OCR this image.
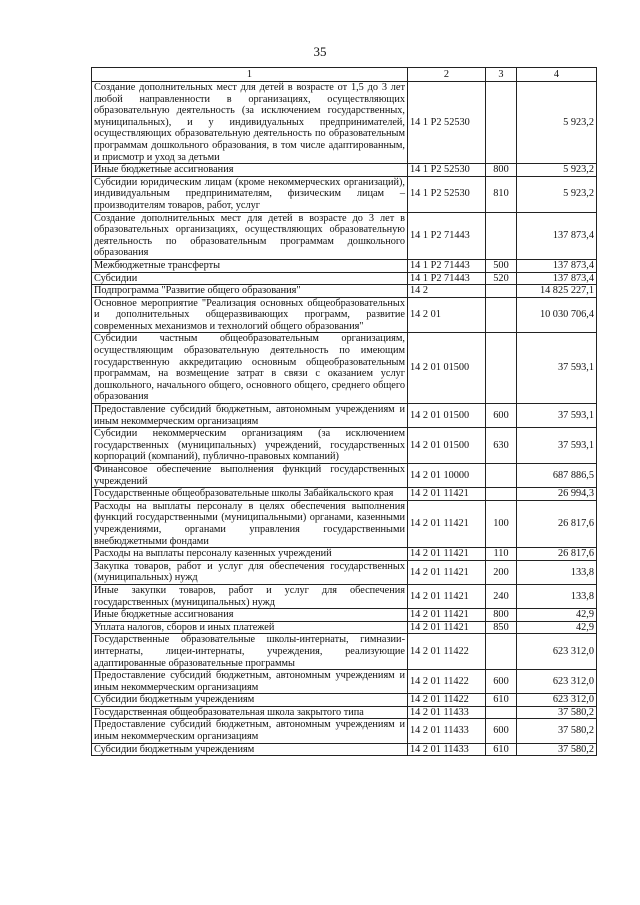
35
1	2	3	4
Создание дополнительных мест для детей в возрасте от 1,5 до 3 лет любой направленности в организациях, осуществляющих образовательную деятельность (за исключением государственных, муниципальных), и у индивидуальных предпринимателей, осуществляющих образовательную деятельность по образовательным программам дошкольного образования, в том числе адаптированным, и присмотр и уход за детьми	14 1 Р2 52530		5 923,2
Иные бюджетные ассигнования	14 1 Р2 52530	800	5 923,2
Субсидии юридическим лицам (кроме некоммерческих организаций), индивидуальным предпринимателям, физическим лицам – производителям товаров, работ, услуг	14 1 Р2 52530	810	5 923,2
Создание дополнительных мест для детей в возрасте до 3 лет в образовательных организациях, осуществляющих образовательную деятельность по образовательным программам дошкольного образования	14 1 Р2 71443		137 873,4
Межбюджетные трансферты	14 1 Р2 71443	500	137 873,4
Субсидии	14 1 Р2 71443	520	137 873,4
Подпрограмма "Развитие общего образования"	14 2		14 825 227,1
Основное мероприятие "Реализация основных общеобразовательных и дополнительных общеразвивающих программ, развитие современных механизмов и технологий общего образования"	14 2 01		10 030 706,4
Субсидии частным общеобразовательным организациям, осуществляющим образовательную деятельность по имеющим государственную аккредитацию основным общеобразовательным программам, на возмещение затрат в связи с оказанием услуг дошкольного, начального общего, основного общего, среднего общего образования	14 2 01 01500		37 593,1
Предоставление субсидий бюджетным, автономным учреждениям и иным некоммерческим организациям	14 2 01 01500	600	37 593,1
Субсидии некоммерческим организациям (за исключением государственных (муниципальных) учреждений, государственных корпораций (компаний), публично-правовых компаний)	14 2 01 01500	630	37 593,1
Финансовое обеспечение выполнения функций государственных учреждений	14 2 01 10000		687 886,5
Государственные общеобразовательные школы Забайкальского края	14 2 01 11421		26 994,3
Расходы на выплаты персоналу в целях обеспечения выполнения функций государственными (муниципальными) органами, казенными учреждениями, органами управления государственными внебюджетными фондами	14 2 01 11421	100	26 817,6
Расходы на выплаты персоналу казенных учреждений	14 2 01 11421	110	26 817,6
Закупка товаров, работ и услуг для обеспечения государственных (муниципальных) нужд	14 2 01 11421	200	133,8
Иные закупки товаров, работ и услуг для обеспечения государственных (муниципальных) нужд	14 2 01 11421	240	133,8
Иные бюджетные ассигнования	14 2 01 11421	800	42,9
Уплата налогов, сборов и иных платежей	14 2 01 11421	850	42,9
Государственные образовательные школы-интернаты, гимназии-интернаты, лицеи-интернаты, учреждения, реализующие адаптированные образовательные программы	14 2 01 11422		623 312,0
Предоставление субсидий бюджетным, автономным учреждениям и иным некоммерческим организациям	14 2 01 11422	600	623 312,0
Субсидии бюджетным учреждениям	14 2 01 11422	610	623 312,0
Государственная общеобразовательная школа закрытого типа	14 2 01 11433		37 580,2
Предоставление субсидий бюджетным, автономным учреждениям и иным некоммерческим организациям	14 2 01 11433	600	37 580,2
Субсидии бюджетным учреждениям	14 2 01 11433	610	37 580,2
